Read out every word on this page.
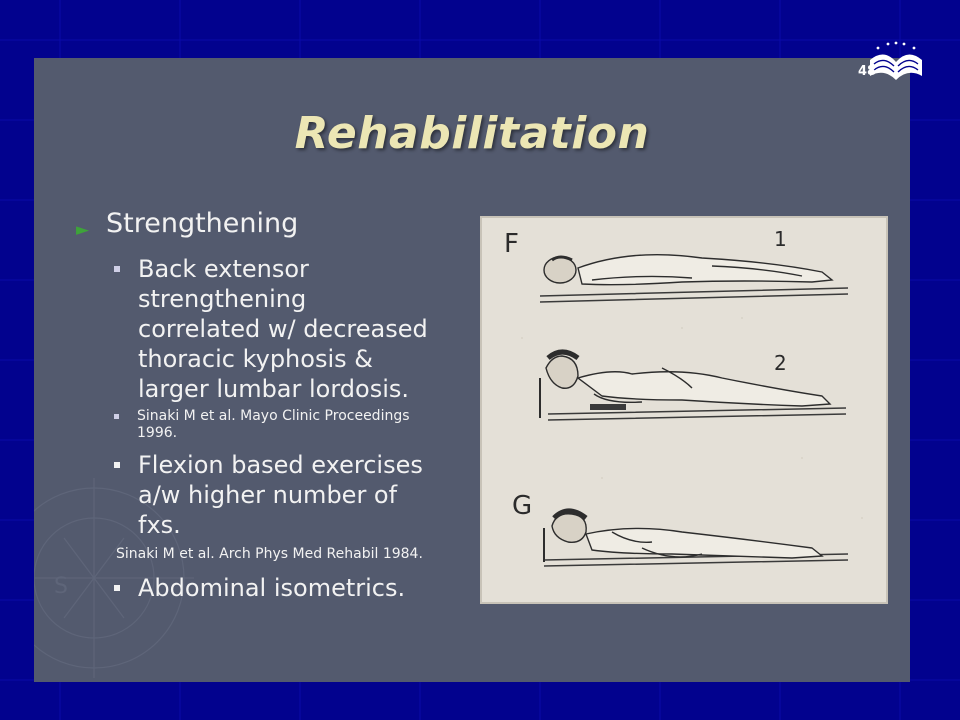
S
Rehabilitation
► Strengthening
Back extensor
strengthening
correlated w/ decreased
thoracic kyphosis &
larger lumbar lordosis.
Sinaki M et al. Mayo Clinic Proceedings
1996.
Flexion based exercises
a/w higher number of
fxs.
Sinaki M et al. Arch Phys Med Rehabil 1984.
Abdominal isometrics.
F	1
2
G
48
